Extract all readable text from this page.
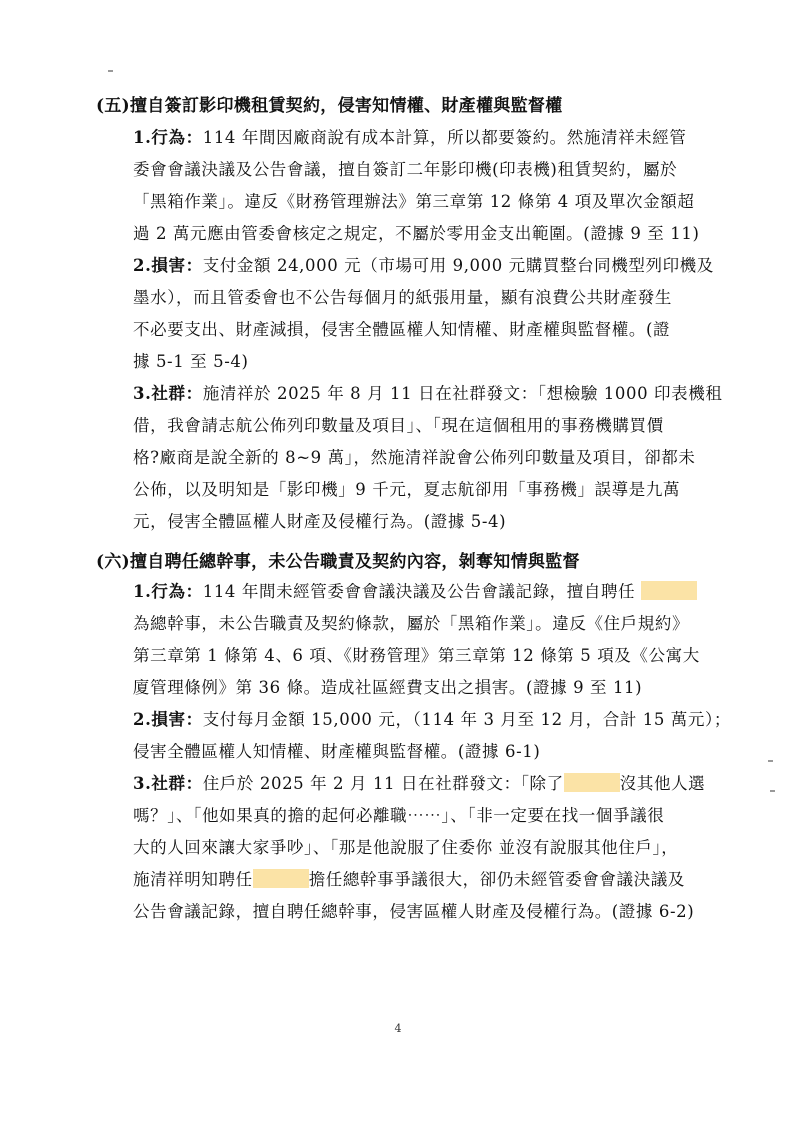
(五)擅自簽訂影印機租賃契約，侵害知情權、財產權與監督權
1.行為：114 年間因廠商說有成本計算，所以都要簽約。然施清祥未經管
委會會議決議及公告會議，擅自簽訂二年影印機(印表機)租賃契約，屬於
「黑箱作業」。違反《財務管理辦法》第三章第 12 條第 4 項及單次金額超
過 2 萬元應由管委會核定之規定，不屬於零用金支出範圍。(證據 9 至 11)
2.損害：支付金額 24,000 元（市場可用 9,000 元購買整台同機型列印機及
墨水），而且管委會也不公告每個月的紙張用量，顯有浪費公共財產發生
不必要支出、財產減損，侵害全體區權人知情權、財產權與監督權。(證
據 5-1 至 5-4)
3.社群：施清祥於 2025 年 8 月 11 日在社群發文：「想檢驗 1000 印表機租
借，我會請志航公佈列印數量及項目」、「現在這個租用的事務機購買價
格?廠商是說全新的 8~9 萬」，然施清祥說會公佈列印數量及項目，卻都未
公佈，以及明知是「影印機」9 千元，夏志航卻用「事務機」誤導是九萬
元，侵害全體區權人財產及侵權行為。(證據 5-4)
(六)擅自聘任總幹事，未公告職責及契約內容，剝奪知情與監督
1.行為：114 年間未經管委會會議決議及公告會議記錄，擅自聘任
為總幹事，未公告職責及契約條款，屬於「黑箱作業」。違反《住戶規約》
第三章第 1 條第 4、6 項、《財務管理》第三章第 12 條第 5 項及《公寓大
廈管理條例》第 36 條。造成社區經費支出之損害。(證據 9 至 11)
2.損害：支付每月金額 15,000 元，（114 年 3 月至 12 月，合計 15 萬元）；
侵害全體區權人知情權、財產權與監督權。(證據 6-1)
3.社群：住戶於 2025 年 2 月 11 日在社群發文：「除了	沒其他人選
嗎？」、「他如果真的擔的起何必離職⋯⋯」、「非一定要在找一個爭議很
大的人回來讓大家爭吵」、「那是他說服了住委你 並沒有說服其他住戶」，
施清祥明知聘任	擔任總幹事爭議很大，卻仍未經管委會會議決議及
公告會議記錄，擅自聘任總幹事，侵害區權人財產及侵權行為。(證據 6-2)
4
